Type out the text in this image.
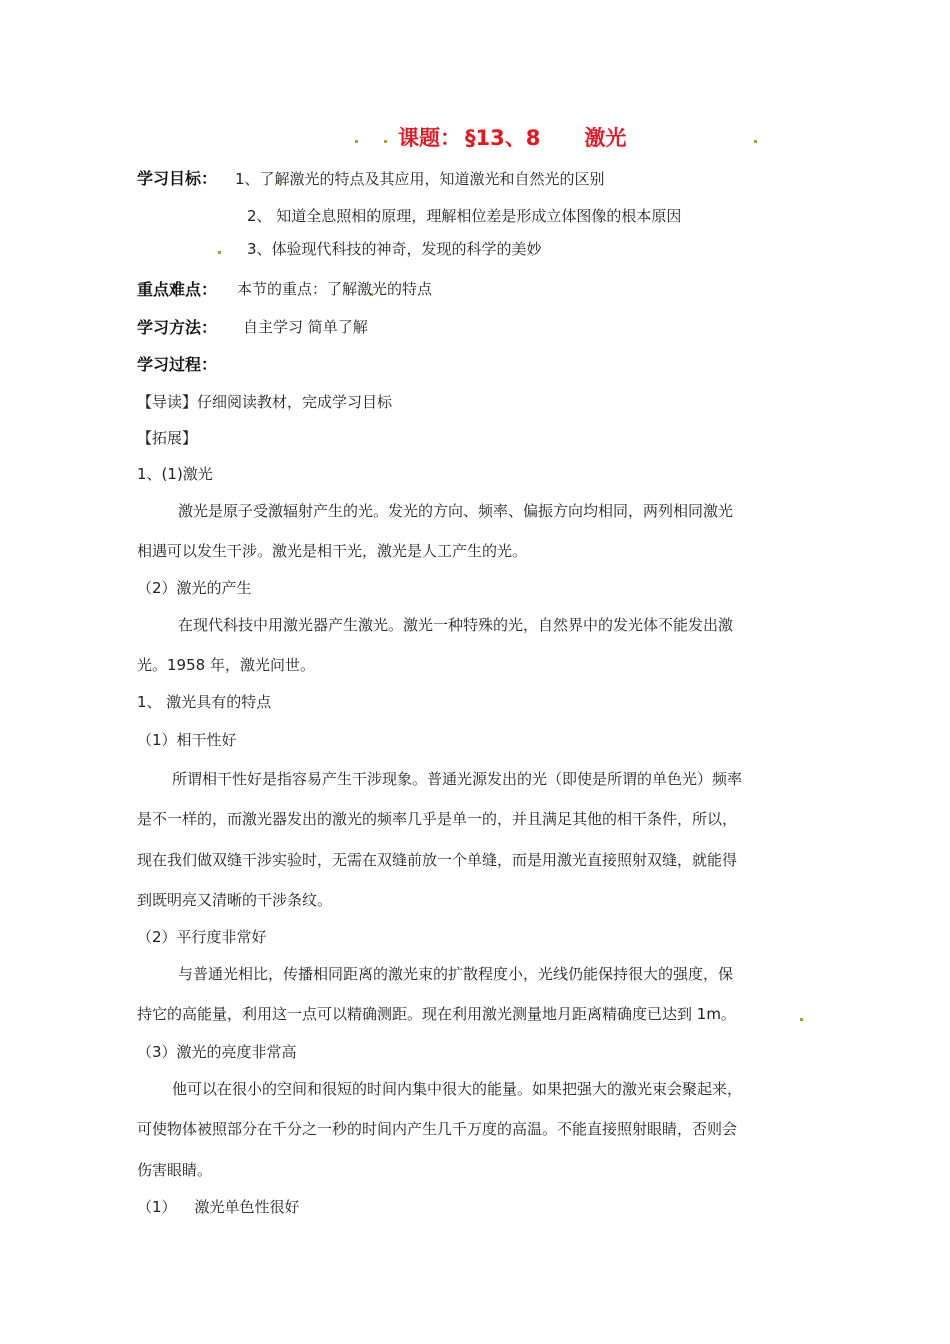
课题： §13、8 激光
学习目标： 1、了解激光的特点及其应用，知道激光和自然光的区别
2、 知道全息照相的原理，理解相位差是形成立体图像的根本原因
3、体验现代科技的神奇，发现的科学的美妙
重点难点： 本节的重点：了解激光的特点
学习方法： 自主学习 简单了解
学习过程：
【导读】仔细阅读教材，完成学习目标
【拓展】
1、(1)激光
激光是原子受激辐射产生的光。发光的方向、频率、偏振方向均相同，两列相同激光
相遇可以发生干涉。激光是相干光，激光是人工产生的光。
（2）激光的产生
在现代科技中用激光器产生激光。激光一种特殊的光，自然界中的发光体不能发出激
光。1958 年，激光问世。
1、 激光具有的特点
（1）相干性好
所谓相干性好是指容易产生干涉现象。普通光源发出的光（即使是所谓的单色光）频率
是不一样的，而激光器发出的激光的频率几乎是单一的，并且满足其他的相干条件，所以，
现在我们做双缝干涉实验时，无需在双缝前放一个单缝，而是用激光直接照射双缝，就能得
到既明亮又清晰的干涉条纹。
（2）平行度非常好
与普通光相比，传播相同距离的激光束的扩散程度小，光线仍能保持很大的强度，保
持它的高能量，利用这一点可以精确测距。现在利用激光测量地月距离精确度已达到 1m。
（3）激光的亮度非常高
他可以在很小的空间和很短的时间内集中很大的能量。如果把强大的激光束会聚起来，
可使物体被照部分在千分之一秒的时间内产生几千万度的高温。不能直接照射眼睛，否则会
伤害眼睛。
（1） 激光单色性很好
